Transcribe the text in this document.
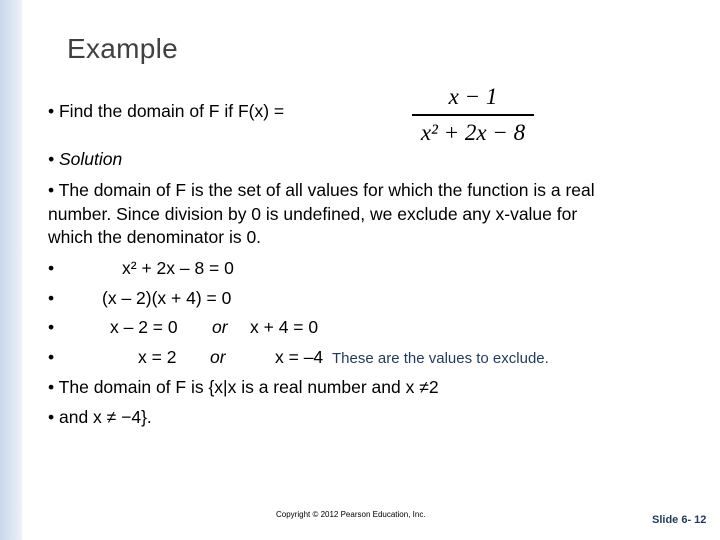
Example
• Find the domain of F if F(x) =
x − 1
x² + 2x − 8
• Solution
• The domain of F is the set of all values for which the function is a real
number. Since division by 0 is undefined, we exclude any x-value for
which the denominator is 0.
•	x² + 2x – 8 = 0
•	(x – 2)(x + 4) = 0
•	x – 2 = 0 or x + 4 = 0
•	x = 2 or	x = –4 These are the values to exclude.
• The domain of F is {x|x is a real number and x ≠2
• and x ≠ −4}.
Copyright © 2012 Pearson Education, Inc.	Slide 6- 12
